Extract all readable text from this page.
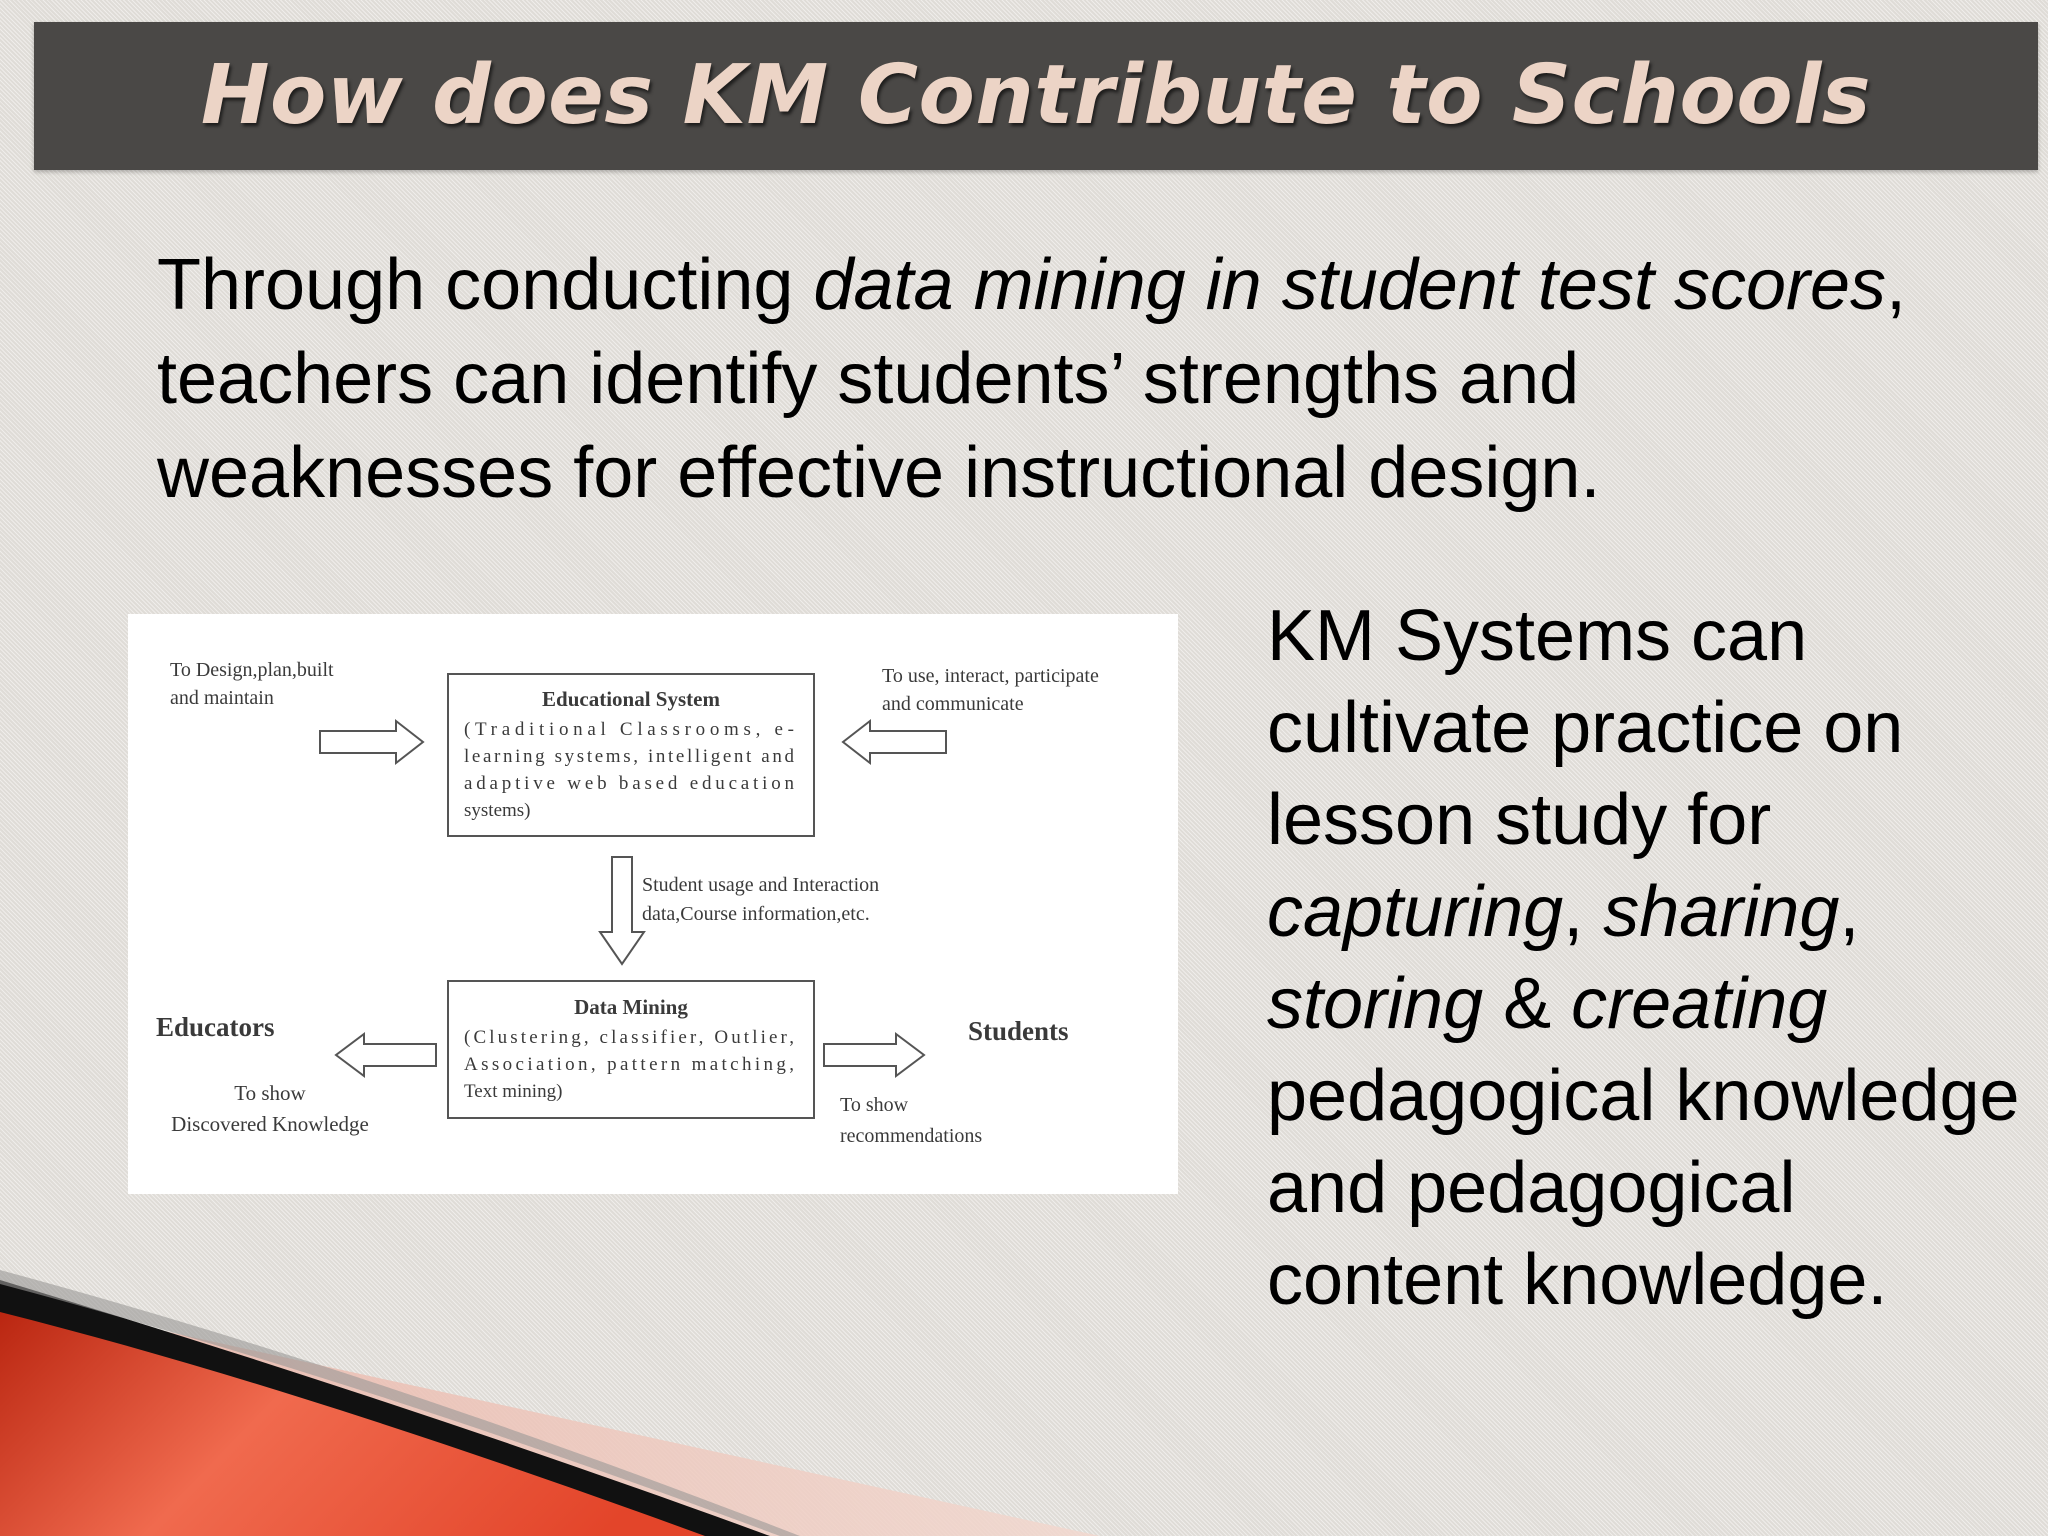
How does KM Contribute to Schools
Through conducting data mining in student test scores, teachers can identify students’ strengths and weaknesses for effective instructional design.
To Design,plan,built
and maintain
To use, interact, participate
and communicate
Educational System
(Traditional Classrooms, e-
learning systems, intelligent and
adaptive web based education
systems)
Student usage and Interaction
data,Course information,etc.
Data Mining
(Clustering, classifier, Outlier,
Association, pattern matching,
Text mining)
Educators
To show
Discovered Knowledge
Students
To show
recommendations
KM Systems can cultivate practice on lesson study for capturing, sharing, storing & creating pedagogical knowledge and pedagogical content knowledge.
